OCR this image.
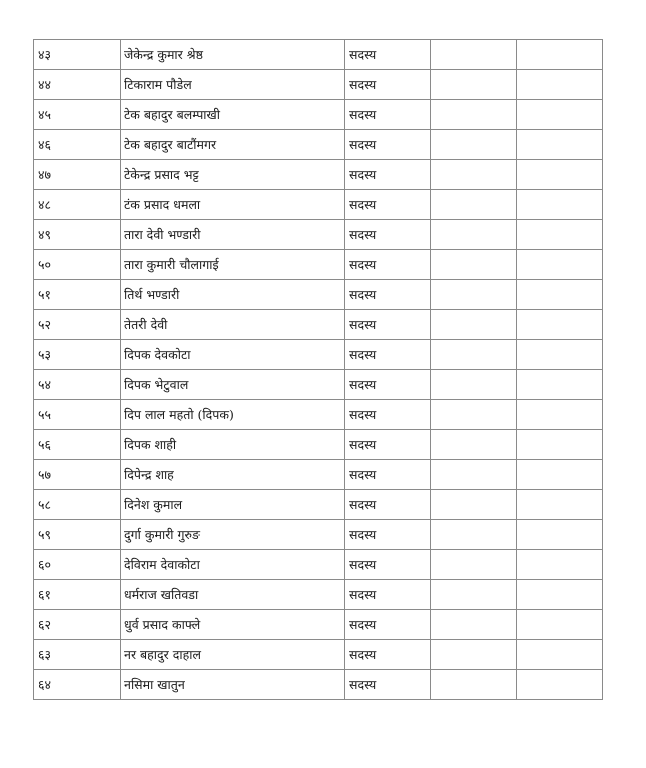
४३	जेकेन्द्र कुमार श्रेष्ठ	सदस्य		
४४	टिकाराम पौडेल	सदस्य		
४५	टेक बहादुर बलम्पाखी	सदस्य		
४६	टेक बहादुर बाटौंमगर	सदस्य		
४७	टेकेन्द्र प्रसाद भट्ट	सदस्य		
४८	टंक प्रसाद धमला	सदस्य		
४९	तारा देवी भण्डारी	सदस्य		
५०	तारा कुमारी चौलागाई	सदस्य		
५१	तिर्थ भण्डारी	सदस्य		
५२	तेतरी देवी	सदस्य		
५३	दिपक देवकोटा	सदस्य		
५४	दिपक भेटुवाल	सदस्य		
५५	दिप लाल महतो (दिपक)	सदस्य		
५६	दिपक शाही	सदस्य		
५७	दिपेन्द्र शाह	सदस्य		
५८	दिनेश कुमाल	सदस्य		
५९	दुर्गा कुमारी गुरुङ	सदस्य		
६०	देविराम देवाकोटा	सदस्य		
६१	धर्मराज खतिवडा	सदस्य		
६२	धुर्व प्रसाद काफ्ले	सदस्य		
६३	नर बहादुर दाहाल	सदस्य		
६४	नसिमा खातुन	सदस्य		
